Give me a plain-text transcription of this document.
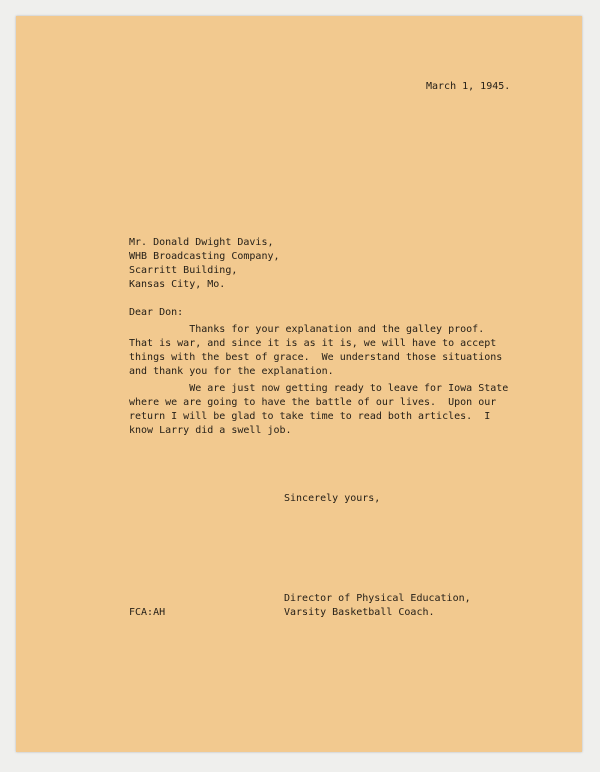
March 1, 1945.
Mr. Donald Dwight Davis,
WHB Broadcasting Company,
Scarritt Building,
Kansas City, Mo.
Dear Don:
Thanks for your explanation and the galley proof.
That is war, and since it is as it is, we will have to accept
things with the best of grace.  We understand those situations
and thank you for the explanation.
We are just now getting ready to leave for Iowa State
where we are going to have the battle of our lives.  Upon our
return I will be glad to take time to read both articles.  I
know Larry did a swell job.
Sincerely yours,
Director of Physical Education,
Varsity Basketball Coach.
FCA:AH
